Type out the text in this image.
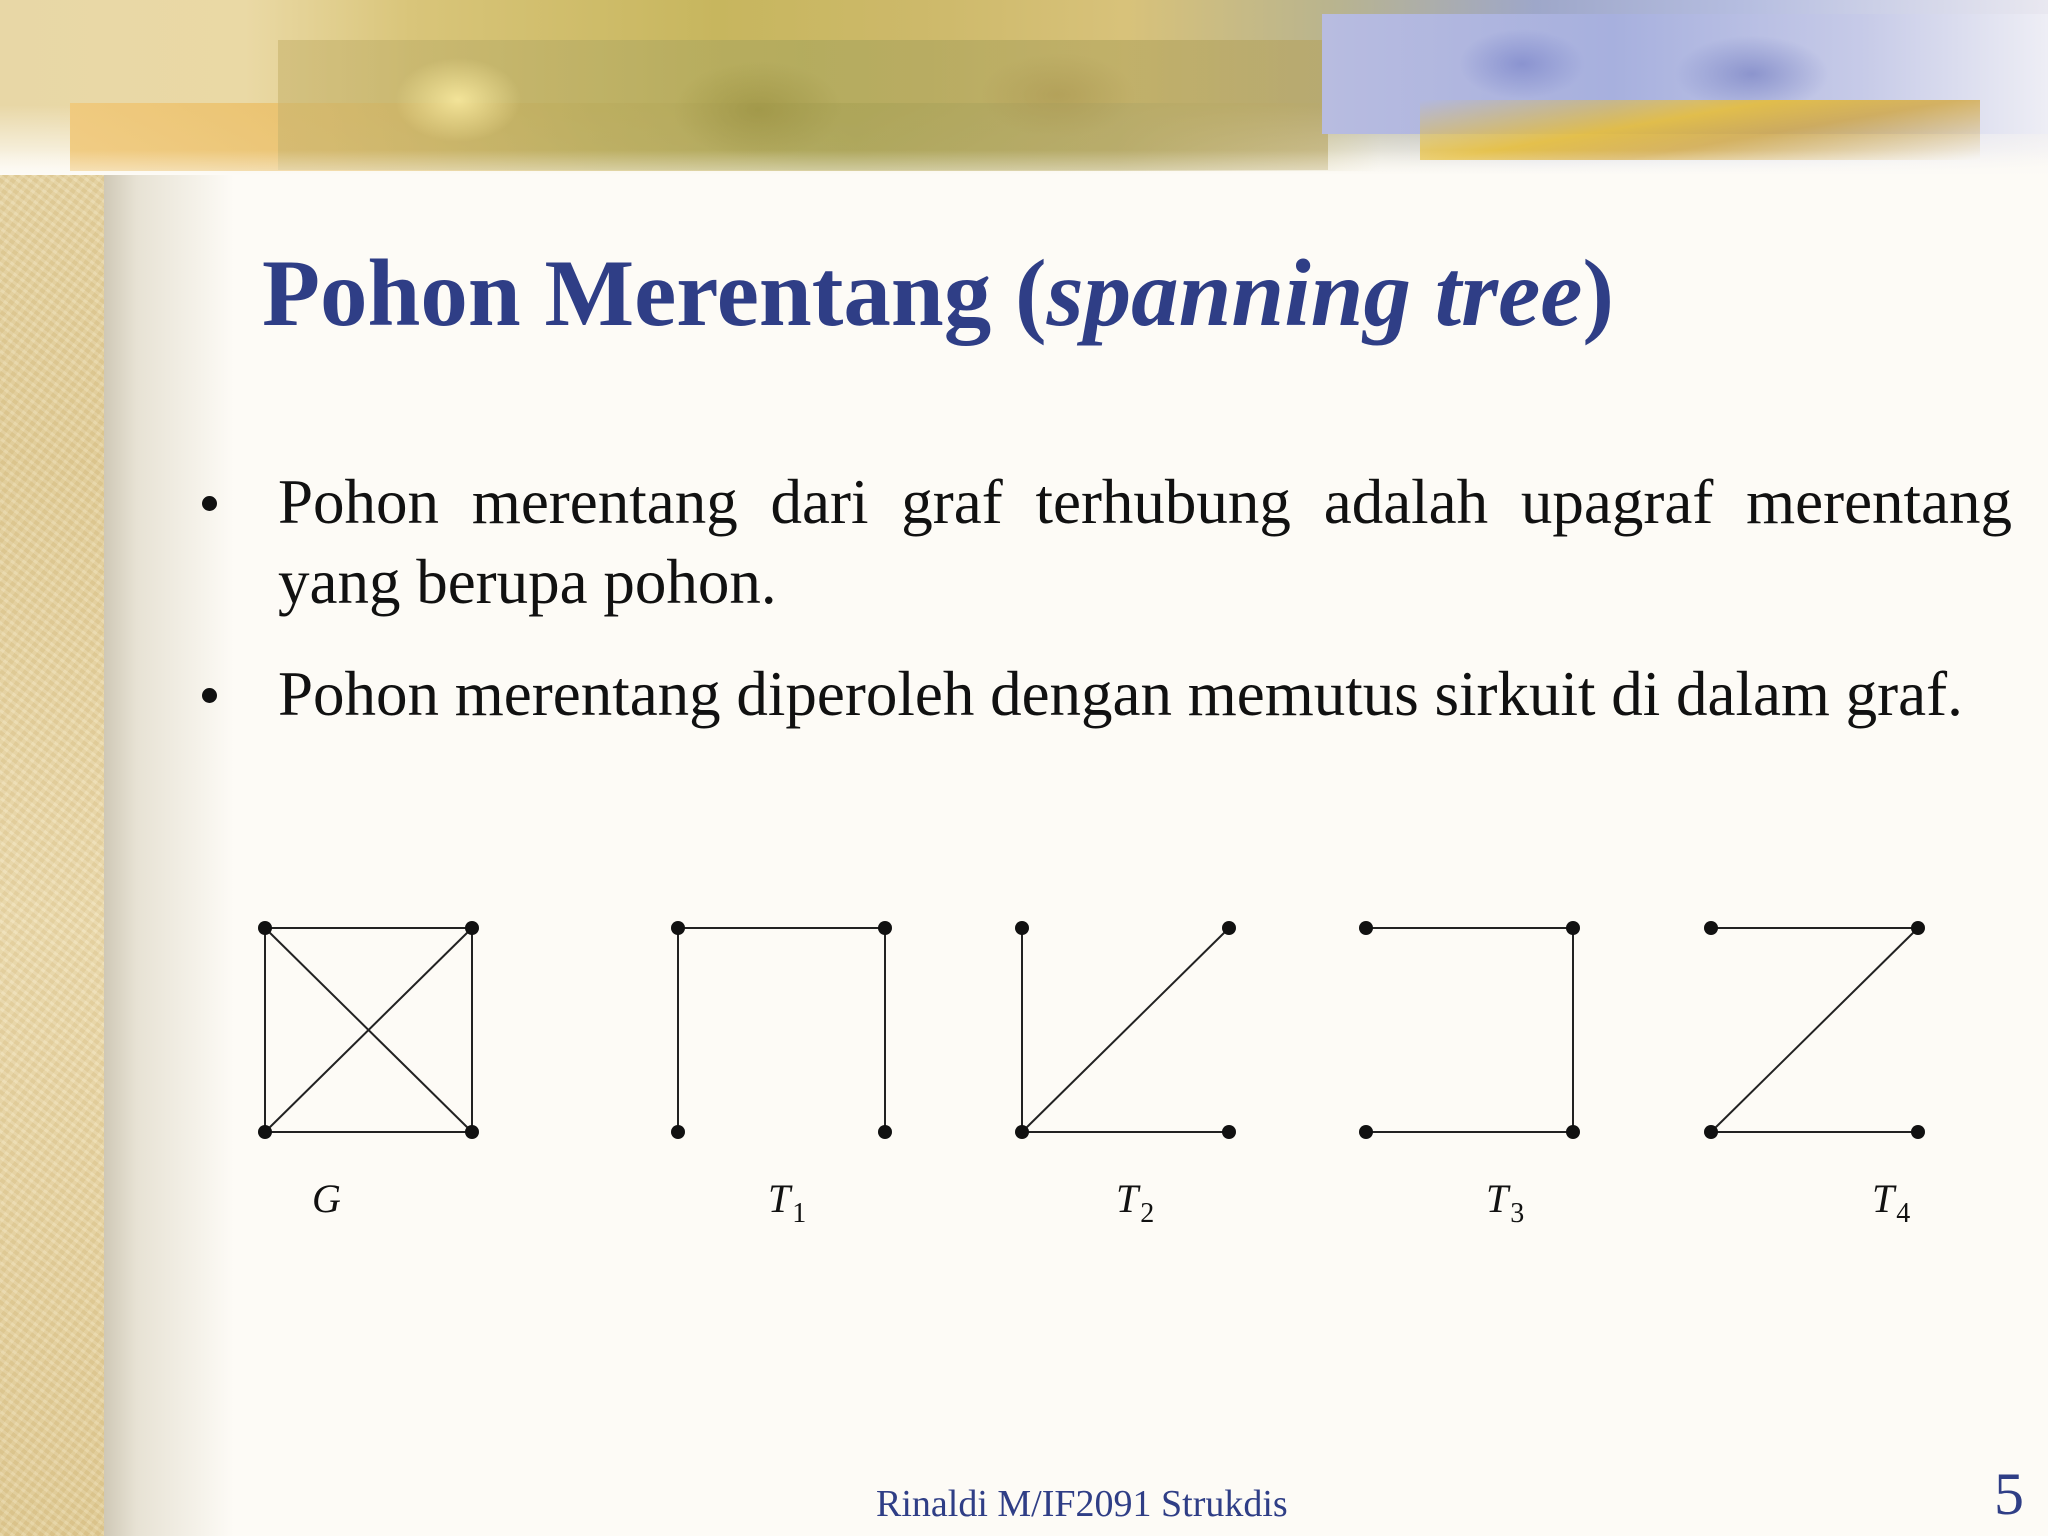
Pohon Merentang (spanning tree)
Pohon merentang dari graf terhubung adalah upagraf merentang yang berupa pohon.
Pohon merentang diperoleh dengan memutus sirkuit di dalam graf.
G	$T_1$	$T_2$	$T_3$	$T_4$
Rinaldi M/IF2091 Strukdis	5
